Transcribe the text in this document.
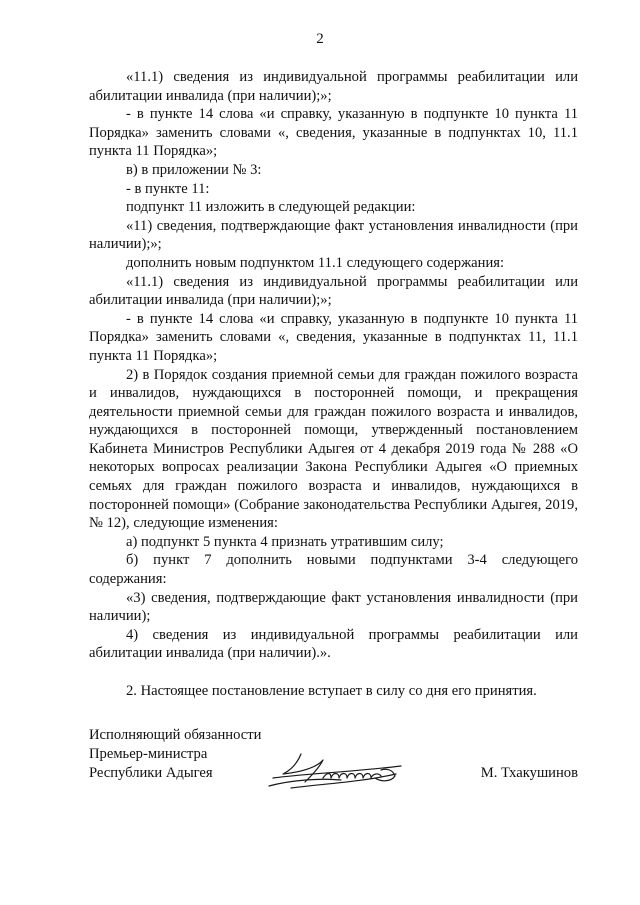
2

«11.1) сведения из индивидуальной программы реабилитации или абилитации инвалида (при наличии);»;

- в пункте 14 слова «и справку, указанную в подпункте 10 пункта 11 Порядка» заменить словами «, сведения, указанные в подпунктах 10, 11.1 пункта 11 Порядка»;

в) в приложении № 3:

- в пункте 11:

подпункт 11 изложить в следующей редакции:

«11) сведения, подтверждающие факт установления инвалидности (при наличии);»;

дополнить новым подпунктом 11.1 следующего содержания:

«11.1) сведения из индивидуальной программы реабилитации или абилитации инвалида (при наличии);»;

- в пункте 14 слова «и справку, указанную в подпункте 10 пункта 11 Порядка» заменить словами «, сведения, указанные в подпунктах 11, 11.1 пункта 11 Порядка»;

2) в Порядок создания приемной семьи для граждан пожилого возраста и инвалидов, нуждающихся в посторонней помощи, и прекращения деятельности приемной семьи для граждан пожилого возраста и инвалидов, нуждающихся в посторонней помощи, утвержденный постановлением Кабинета Министров Республики Адыгея от 4 декабря 2019 года № 288 «О некоторых вопросах реализации Закона Республики Адыгея «О приемных семьях для граждан пожилого возраста и инвалидов, нуждающихся в посторонней помощи» (Собрание законодательства Республики Адыгея, 2019, № 12), следующие изменения:

а) подпункт 5 пункта 4 признать утратившим силу;

б) пункт 7 дополнить новыми подпунктами 3-4 следующего содержания:

«3) сведения, подтверждающие факт установления инвалидности (при наличии);

4) сведения из индивидуальной программы реабилитации или абилитации инвалида (при наличии).».

2. Настоящее постановление вступает в силу со дня его принятия.

Исполняющий обязанности
Премьер-министра
Республики Адыгея	М. Тхакушинов
